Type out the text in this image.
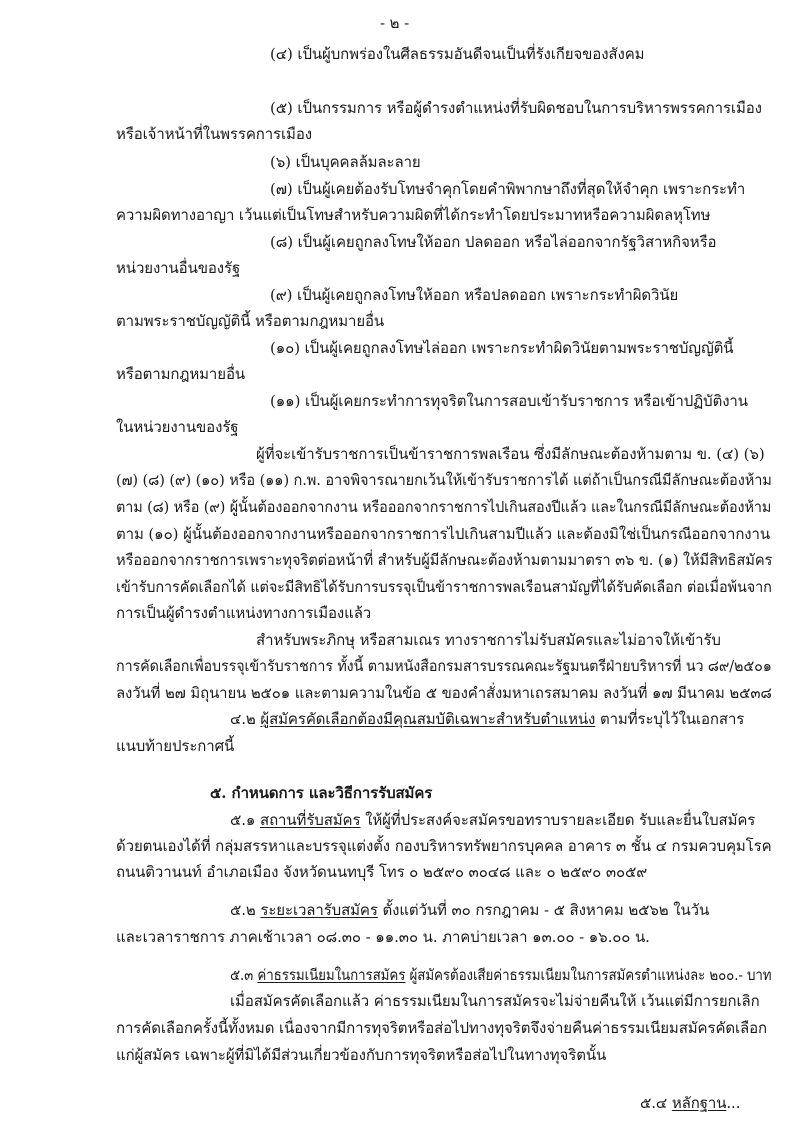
- ๒ -
(๔) เป็นผู้บกพร่องในศีลธรรมอันดีจนเป็นที่รังเกียจของสังคม
(๕) เป็นกรรมการ หรือผู้ดำรงตำแหน่งที่รับผิดชอบในการบริหารพรรคการเมือง
หรือเจ้าหน้าที่ในพรรคการเมือง
(๖) เป็นบุคคลล้มละลาย
(๗) เป็นผู้เคยต้องรับโทษจำคุกโดยคำพิพากษาถึงที่สุดให้จำคุก เพราะกระทำ
ความผิดทางอาญา เว้นแต่เป็นโทษสำหรับความผิดที่ได้กระทำโดยประมาทหรือความผิดลหุโทษ
(๘) เป็นผู้เคยถูกลงโทษให้ออก ปลดออก หรือไล่ออกจากรัฐวิสาหกิจหรือ
หน่วยงานอื่นของรัฐ
(๙) เป็นผู้เคยถูกลงโทษให้ออก หรือปลดออก เพราะกระทำผิดวินัย
ตามพระราชบัญญัตินี้ หรือตามกฎหมายอื่น
(๑๐) เป็นผู้เคยถูกลงโทษไล่ออก เพราะกระทำผิดวินัยตามพระราชบัญญัตินี้
หรือตามกฎหมายอื่น
(๑๑) เป็นผู้เคยกระทำการทุจริตในการสอบเข้ารับราชการ หรือเข้าปฏิบัติงาน
ในหน่วยงานของรัฐ
ผู้ที่จะเข้ารับราชการเป็นข้าราชการพลเรือน ซึ่งมีลักษณะต้องห้ามตาม ข. (๔) (๖)
(๗) (๘) (๙) (๑๐) หรือ (๑๑) ก.พ. อาจพิจารณายกเว้นให้เข้ารับราชการได้ แต่ถ้าเป็นกรณีมีลักษณะต้องห้าม
ตาม (๘) หรือ (๙) ผู้นั้นต้องออกจากงาน หรือออกจากราชการไปเกินสองปีแล้ว และในกรณีมีลักษณะต้องห้าม
ตาม (๑๐) ผู้นั้นต้องออกจากงานหรือออกจากราชการไปเกินสามปีแล้ว และต้องมิใช่เป็นกรณีออกจากงาน
หรือออกจากราชการเพราะทุจริตต่อหน้าที่ สำหรับผู้มีลักษณะต้องห้ามตามมาตรา ๓๖ ข. (๑) ให้มีสิทธิสมัคร
เข้ารับการคัดเลือกได้ แต่จะมีสิทธิได้รับการบรรจุเป็นข้าราชการพลเรือนสามัญที่ได้รับคัดเลือก ต่อเมื่อพ้นจาก
การเป็นผู้ดำรงตำแหน่งทางการเมืองแล้ว
สำหรับพระภิกษุ หรือสามเณร ทางราชการไม่รับสมัครและไม่อาจให้เข้ารับ
การคัดเลือกเพื่อบรรจุเข้ารับราชการ ทั้งนี้ ตามหนังสือกรมสารบรรณคณะรัฐมนตรีฝ่ายบริหารที่ นว ๘๙/๒๕๐๑
ลงวันที่ ๒๗ มิถุนายน ๒๕๐๑ และตามความในข้อ ๕ ของคำสั่งมหาเถรสมาคม ลงวันที่ ๑๗ มีนาคม ๒๕๓๘
๔.๒ ผู้สมัครคัดเลือกต้องมีคุณสมบัติเฉพาะสำหรับตำแหน่ง ตามที่ระบุไว้ในเอกสาร
แนบท้ายประกาศนี้
๕. กำหนดการ และวิธีการรับสมัคร
๕.๑ สถานที่รับสมัคร ให้ผู้ที่ประสงค์จะสมัครขอทราบรายละเอียด รับและยื่นใบสมัคร
ด้วยตนเองได้ที่ กลุ่มสรรหาและบรรจุแต่งตั้ง กองบริหารทรัพยากรบุคคล อาคาร ๓ ชั้น ๔ กรมควบคุมโรค
ถนนติวานนท์ อำเภอเมือง จังหวัดนนทบุรี โทร ๐ ๒๕๙๐ ๓๐๔๘ และ ๐ ๒๕๙๐ ๓๐๕๙
๕.๒ ระยะเวลารับสมัคร ตั้งแต่วันที่ ๓๐ กรกฎาคม - ๕ สิงหาคม ๒๕๖๒ ในวัน
และเวลาราชการ ภาคเช้าเวลา ๐๘.๓๐ - ๑๑.๓๐ น. ภาคบ่ายเวลา ๑๓.๐๐ - ๑๖.๐๐ น.
๕.๓ ค่าธรรมเนียมในการสมัคร ผู้สมัครต้องเสียค่าธรรมเนียมในการสมัครตำแหน่งละ ๒๐๐.- บาท
เมื่อสมัครคัดเลือกแล้ว ค่าธรรมเนียมในการสมัครจะไม่จ่ายคืนให้ เว้นแต่มีการยกเลิก
การคัดเลือกครั้งนี้ทั้งหมด เนื่องจากมีการทุจริตหรือส่อไปทางทุจริตจึงจ่ายคืนค่าธรรมเนียมสมัครคัดเลือก
แก่ผู้สมัคร เฉพาะผู้ที่มิได้มีส่วนเกี่ยวข้องกับการทุจริตหรือส่อไปในทางทุจริตนั้น
๕.๔ หลักฐาน...
